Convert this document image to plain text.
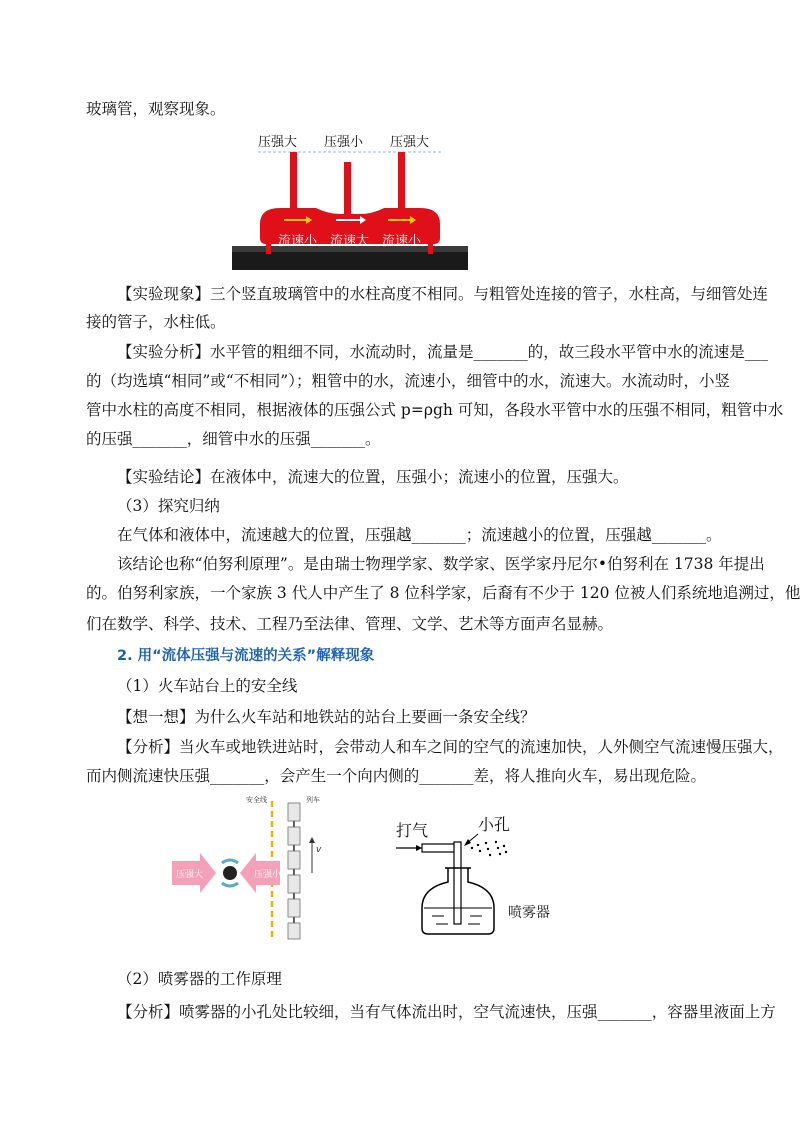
玻璃管，观察现象。
压强大 压强小 压强大
流速小 流速大 流速小
【实验现象】三个竖直玻璃管中的水柱高度不相同。与粗管处连接的管子，水柱高，与细管处连
接的管子，水柱低。
【实验分析】水平管的粗细不同，水流动时，流量是_______的，故三段水平管中水的流速是___
的（均选填“相同”或“不相同”）；粗管中的水，流速小，细管中的水，流速大。水流动时，小竖
管中水柱的高度不相同，根据液体的压强公式 p=ρgh 可知，各段水平管中水的压强不相同，粗管中水
的压强_______，细管中水的压强_______。
【实验结论】在液体中，流速大的位置，压强小；流速小的位置，压强大。
（3）探究归纳
在气体和液体中，流速越大的位置，压强越_______；流速越小的位置，压强越_______。
该结论也称“伯努利原理”。是由瑞士物理学家、数学家、医学家丹尼尔•伯努利在 1738 年提出
的。伯努利家族，一个家族 3 代人中产生了 8 位科学家，后裔有不少于 120 位被人们系统地追溯过，他
们在数学、科学、技术、工程乃至法律、管理、文学、艺术等方面声名显赫。
2. 用“流体压强与流速的关系”解释现象
（1）火车站台上的安全线
【想一想】为什么火车站和地铁站的站台上要画一条安全线？
【分析】当火车或地铁进站时，会带动人和车之间的空气的流速加快，人外侧空气流速慢压强大，
而内侧流速快压强_______，会产生一个向内侧的_______差，将人推向火车，易出现危险。
安全线	列车
压强大	压强小
v
打气	小孔
喷雾器
（2）喷雾器的工作原理
【分析】喷雾器的小孔处比较细，当有气体流出时，空气流速快，压强_______，容器里液面上方
